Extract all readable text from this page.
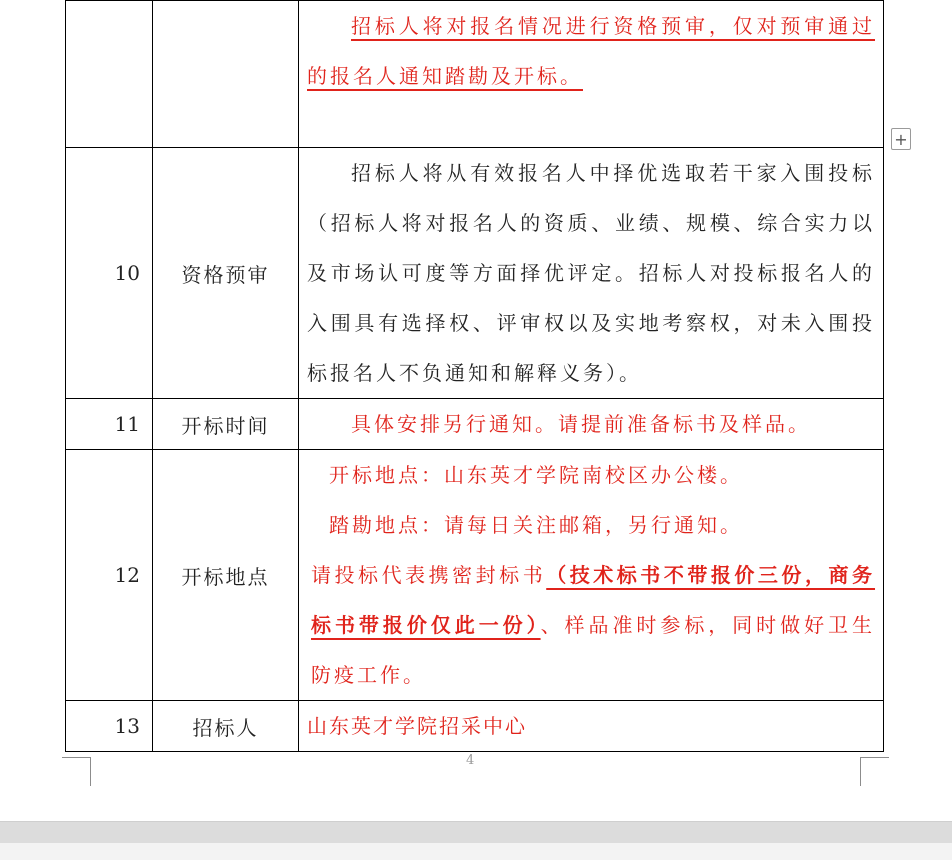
		招标人将对报名情况进行资格预审，仅对预审通过的报名人通知踏勘及开标。

10	资格预审	招标人将从有效报名人中择优选取若干家入围投标（招标人将对报名人的资质、业绩、规模、综合实力以及市场认可度等方面择优评定。招标人对投标报名人的入围具有选择权、评审权以及实地考察权，对未入围投标报名人不负通知和解释义务）。

11	开标时间	具体安排另行通知。请提前准备标书及样品。

12	开标地点	开标地点：山东英才学院南校区办公楼。

踏勘地点：请每日关注邮箱，另行通知。

请投标代表携密封标书（技术标书不带报价三份，商务标书带报价仅此一份）、样品准时参标，同时做好卫生防疫工作。

13	招标人	山东英才学院招采中心

+
4
